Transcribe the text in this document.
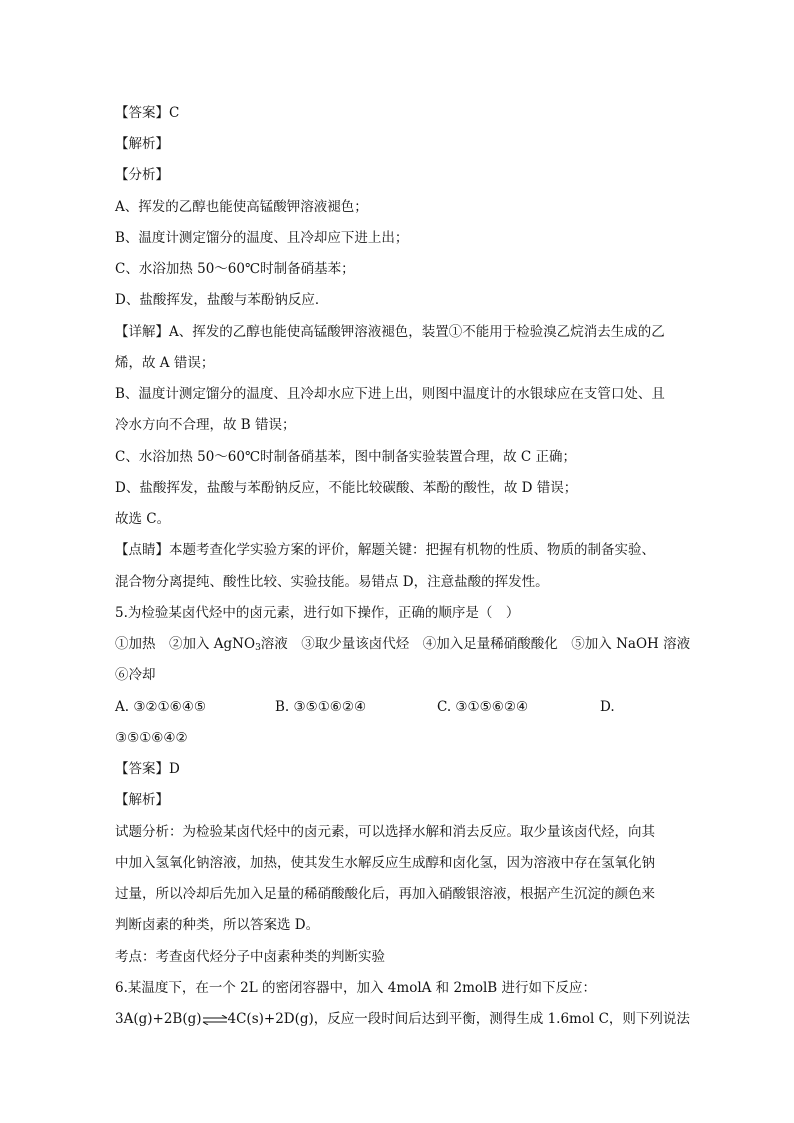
【答案】C
【解析】
【分析】
A、挥发的乙醇也能使高锰酸钾溶液褪色；
B、温度计测定馏分的温度、且冷却应下进上出；
C、水浴加热 50～60℃时制备硝基苯；
D、盐酸挥发，盐酸与苯酚钠反应．
【详解】A、挥发的乙醇也能使高锰酸钾溶液褪色，装置①不能用于检验溴乙烷消去生成的乙
烯，故 A 错误；
B、温度计测定馏分的温度、且冷却水应下进上出，则图中温度计的水银球应在支管口处、且
冷水方向不合理，故 B 错误；
C、水浴加热 50～60℃时制备硝基苯，图中制备实验装置合理，故 C 正确；
D、盐酸挥发，盐酸与苯酚钠反应，不能比较碳酸、苯酚的酸性，故 D 错误；
故选 C。
【点睛】本题考查化学实验方案的评价，解题关键：把握有机物的性质、物质的制备实验、
混合物分离提纯、酸性比较、实验技能。易错点 D，注意盐酸的挥发性。
5.为检验某卤代烃中的卤元素，进行如下操作，正确的顺序是（　）
①加热　②加入 AgNO$_3$溶液　③取少量该卤代烃　④加入足量稀硝酸酸化　⑤加入 NaOH 溶液
⑥冷却
A. ③②①⑥④⑤	B. ③⑤①⑥②④	C. ③①⑤⑥②④	D.
③⑤①⑥④②
【答案】D
【解析】
试题分析：为检验某卤代烃中的卤元素，可以选择水解和消去反应。取少量该卤代烃，向其
中加入氢氧化钠溶液，加热，使其发生水解反应生成醇和卤化氢，因为溶液中存在氢氧化钠
过量，所以冷却后先加入足量的稀硝酸酸化后，再加入硝酸银溶液，根据产生沉淀的颜色来
判断卤素的种类，所以答案选 D。
考点：考查卤代烃分子中卤素种类的判断实验
6.某温度下，在一个 2L 的密闭容器中，加入 4molA 和 2molB 进行如下反应：
3A(g)+2B(g)⇌4C(s)+2D(g)，反应一段时间后达到平衡，测得生成 1.6mol C，则下列说法
